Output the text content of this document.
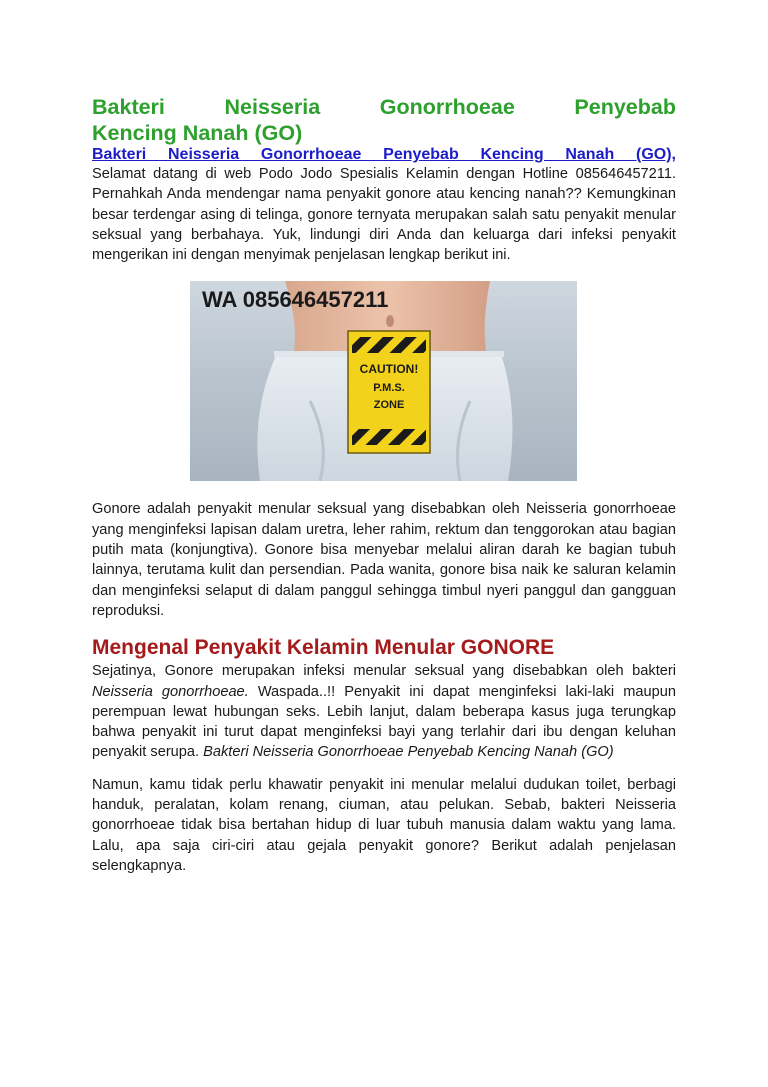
Bakteri Neisseria Gonorrhoeae Penyebab
Kencing Nanah (GO)
Bakteri Neisseria Gonorrhoeae Penyebab Kencing Nanah (GO),

Selamat datang di web Podo Jodo Spesialis Kelamin dengan Hotline 085646457211. Pernahkah Anda mendengar nama penyakit gonore atau kencing nanah?? Kemungkinan besar terdengar asing di telinga, gonore ternyata merupakan salah satu penyakit menular seksual yang berbahaya. Yuk, lindungi diri Anda dan keluarga dari infeksi penyakit mengerikan ini dengan menyimak penjelasan lengkap berikut ini.

CAUTION!
P.M.S.
ZONE
WA 085646457211

Gonore adalah penyakit menular seksual yang disebabkan oleh Neisseria gonorrhoeae yang menginfeksi lapisan dalam uretra, leher rahim, rektum dan tenggorokan atau bagian putih mata (konjungtiva). Gonore bisa menyebar melalui aliran darah ke bagian tubuh lainnya, terutama kulit dan persendian. Pada wanita, gonore bisa naik ke saluran kelamin dan menginfeksi selaput di dalam panggul sehingga timbul nyeri panggul dan gangguan reproduksi.

Mengenal Penyakit Kelamin Menular GONORE

Sejatinya, Gonore merupakan infeksi menular seksual yang disebabkan oleh bakteri Neisseria gonorrhoeae. Waspada..!! Penyakit ini dapat menginfeksi laki-laki maupun perempuan lewat hubungan seks. Lebih lanjut, dalam beberapa kasus juga terungkap bahwa penyakit ini turut dapat menginfeksi bayi yang terlahir dari ibu dengan keluhan penyakit serupa. Bakteri Neisseria Gonorrhoeae Penyebab Kencing Nanah (GO)

Namun, kamu tidak perlu khawatir penyakit ini menular melalui dudukan toilet, berbagi handuk, peralatan, kolam renang, ciuman, atau pelukan. Sebab, bakteri Neisseria gonorrhoeae tidak bisa bertahan hidup di luar tubuh manusia dalam waktu yang lama. Lalu, apa saja ciri-ciri atau gejala penyakit gonore? Berikut adalah penjelasan selengkapnya.
